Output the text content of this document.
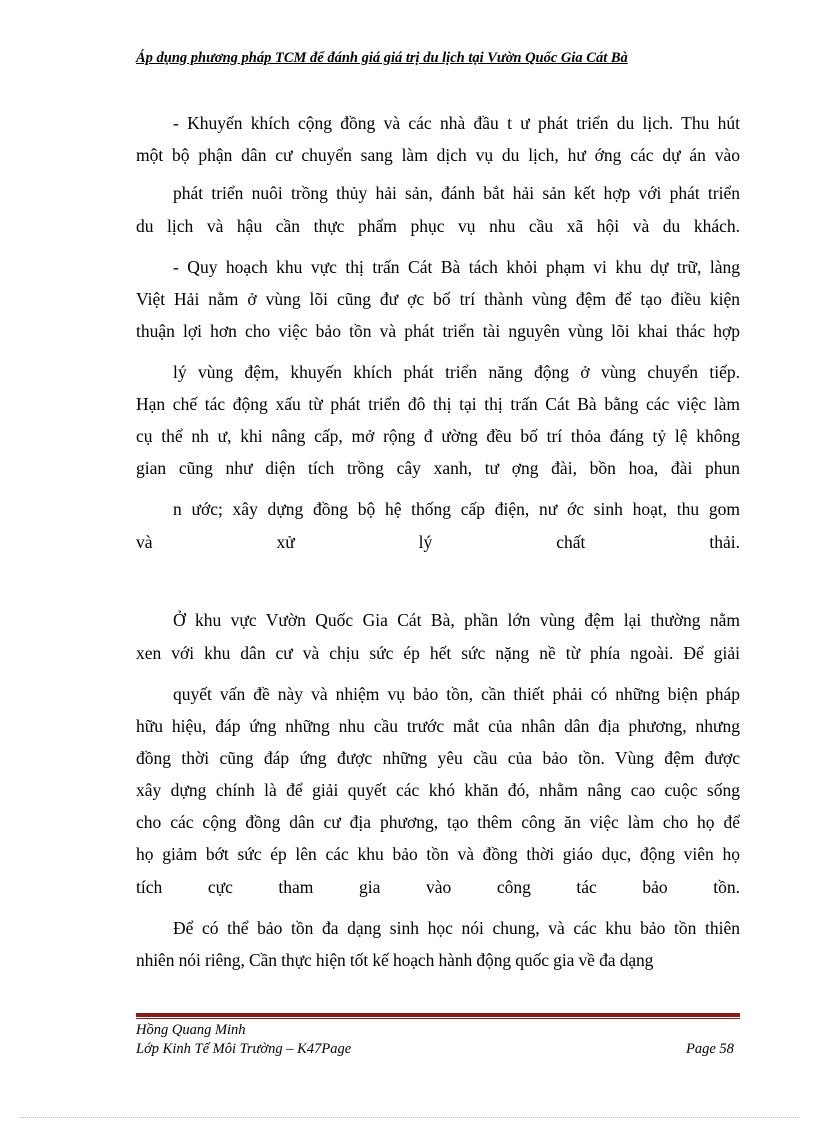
Áp dụng phương pháp TCM để đánh giá giá trị du lịch tại Vườn Quốc Gia Cát Bà
- Khuyến khích cộng đồng và các nhà đầu t ư phát triển du lịch. Thu hút
một bộ phận dân cư chuyển sang làm dịch vụ du lịch, hư ớng các dự án vào
phát triển nuôi trồng thủy hải sản, đánh bắt hải sản kết hợp với phát triển
du lịch và hậu cần thực phẩm phục vụ nhu cầu xã hội và du khách.
- Quy hoạch khu vực thị trấn Cát Bà tách khỏi phạm vi khu dự trữ, làng
Việt Hải nằm ở vùng lõi cũng đư ợc bố trí thành vùng đệm để tạo điều kiện
thuận lợi hơn cho việc bảo tồn và phát triển tài nguyên vùng lõi khai thác hợp
lý vùng đệm, khuyến khích phát triển năng động ở vùng chuyển tiếp.
Hạn chế tác động xấu từ phát triển đô thị tại thị trấn Cát Bà bằng các việc làm
cụ thể nh ư, khi nâng cấp, mở rộng đ ường đều bố trí thỏa đáng tỷ lệ không
gian cũng như diện tích trồng cây xanh, tư ợng đài, bồn hoa, đài phun
n ước; xây dựng đồng bộ hệ thống cấp điện, nư ớc sinh hoạt, thu gom
và xử lý chất thải.
Ở khu vực Vườn Quốc Gia Cát Bà, phần lớn vùng đệm lại thường nằm
xen với khu dân cư và chịu sức ép hết sức nặng nề từ phía ngoài. Để giải
quyết vấn đề này và nhiệm vụ bảo tồn, cần thiết phải có những biện pháp
hữu hiệu, đáp ứng những nhu cầu trước mắt của nhân dân địa phương, nhưng
đồng thời cũng đáp ứng được những yêu cầu của bảo tồn. Vùng đệm được
xây dựng chính là để giải quyết các khó khăn đó, nhằm nâng cao cuộc sống
cho các cộng đồng dân cư địa phương, tạo thêm công ăn việc làm cho họ để
họ giảm bớt sức ép lên các khu bảo tồn và đồng thời giáo dục, động viên họ
tích cực tham gia vào công tác bảo tồn.
Để có thể bảo tồn đa dạng sinh học nói chung, và các khu bảo tồn thiên
nhiên nói riêng, Cần thực hiện tốt kế hoạch hành động quốc gia về đa dạng
Hồng Quang Minh
Lớp Kinh Tế Môi Trường – K47Page	Page 58
